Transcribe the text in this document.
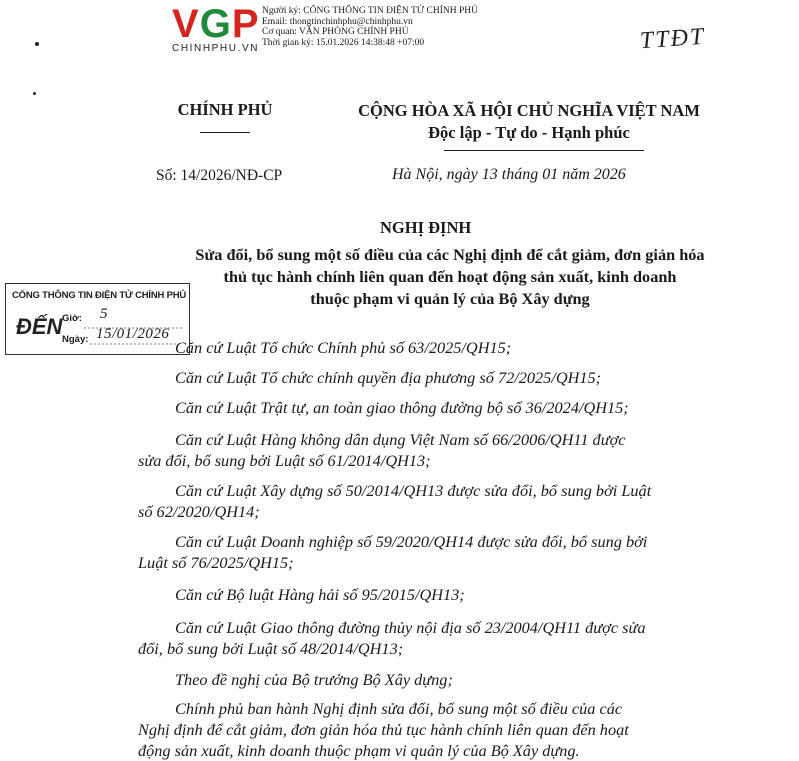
VGP
CHINHPHU.VN
Người ký: CỔNG THÔNG TIN ĐIỆN TỬ CHÍNH PHỦ
Email: thongtinchinhphu@chinhphu.vn
Cơ quan: VĂN PHÒNG CHÍNH PHỦ
Thời gian ký: 15.01.2026 14:38:48 +07:00	TTĐT
CHÍNH PHỦ	CỘNG HÒA XÃ HỘI CHỦ NGHĨA VIỆT NAM
Độc lập - Tự do - Hạnh phúc
Số: 14/2026/NĐ-CP	Hà Nội, ngày 13 tháng 01 năm 2026
NGHỊ ĐỊNH
Sửa đổi, bổ sung một số điều của các Nghị định để cắt giảm, đơn giản hóa
thủ tục hành chính liên quan đến hoạt động sản xuất, kinh doanh
thuộc phạm vi quản lý của Bộ Xây dựng
CỔNG THÔNG TIN ĐIỆN TỬ CHÍNH PHỦ
ĐẾN Giờ:
Ngày:
5
15/01/2026
Căn cứ Luật Tổ chức Chính phủ số 63/2025/QH15;
Căn cứ Luật Tổ chức chính quyền địa phương số 72/2025/QH15;
Căn cứ Luật Trật tự, an toàn giao thông đường bộ số 36/2024/QH15;
Căn cứ Luật Hàng không dân dụng Việt Nam số 66/2006/QH11 được
sửa đổi, bổ sung bởi Luật số 61/2014/QH13;
Căn cứ Luật Xây dựng số 50/2014/QH13 được sửa đổi, bổ sung bởi Luật
số 62/2020/QH14;
Căn cứ Luật Doanh nghiệp số 59/2020/QH14 được sửa đổi, bổ sung bởi
Luật số 76/2025/QH15;
Căn cứ Bộ luật Hàng hải số 95/2015/QH13;
Căn cứ Luật Giao thông đường thủy nội địa số 23/2004/QH11 được sửa
đổi, bổ sung bởi Luật số 48/2014/QH13;
Theo đề nghị của Bộ trưởng Bộ Xây dựng;
Chính phủ ban hành Nghị định sửa đổi, bổ sung một số điều của các
Nghị định để cắt giảm, đơn giản hóa thủ tục hành chính liên quan đến hoạt
động sản xuất, kinh doanh thuộc phạm vi quản lý của Bộ Xây dựng.
